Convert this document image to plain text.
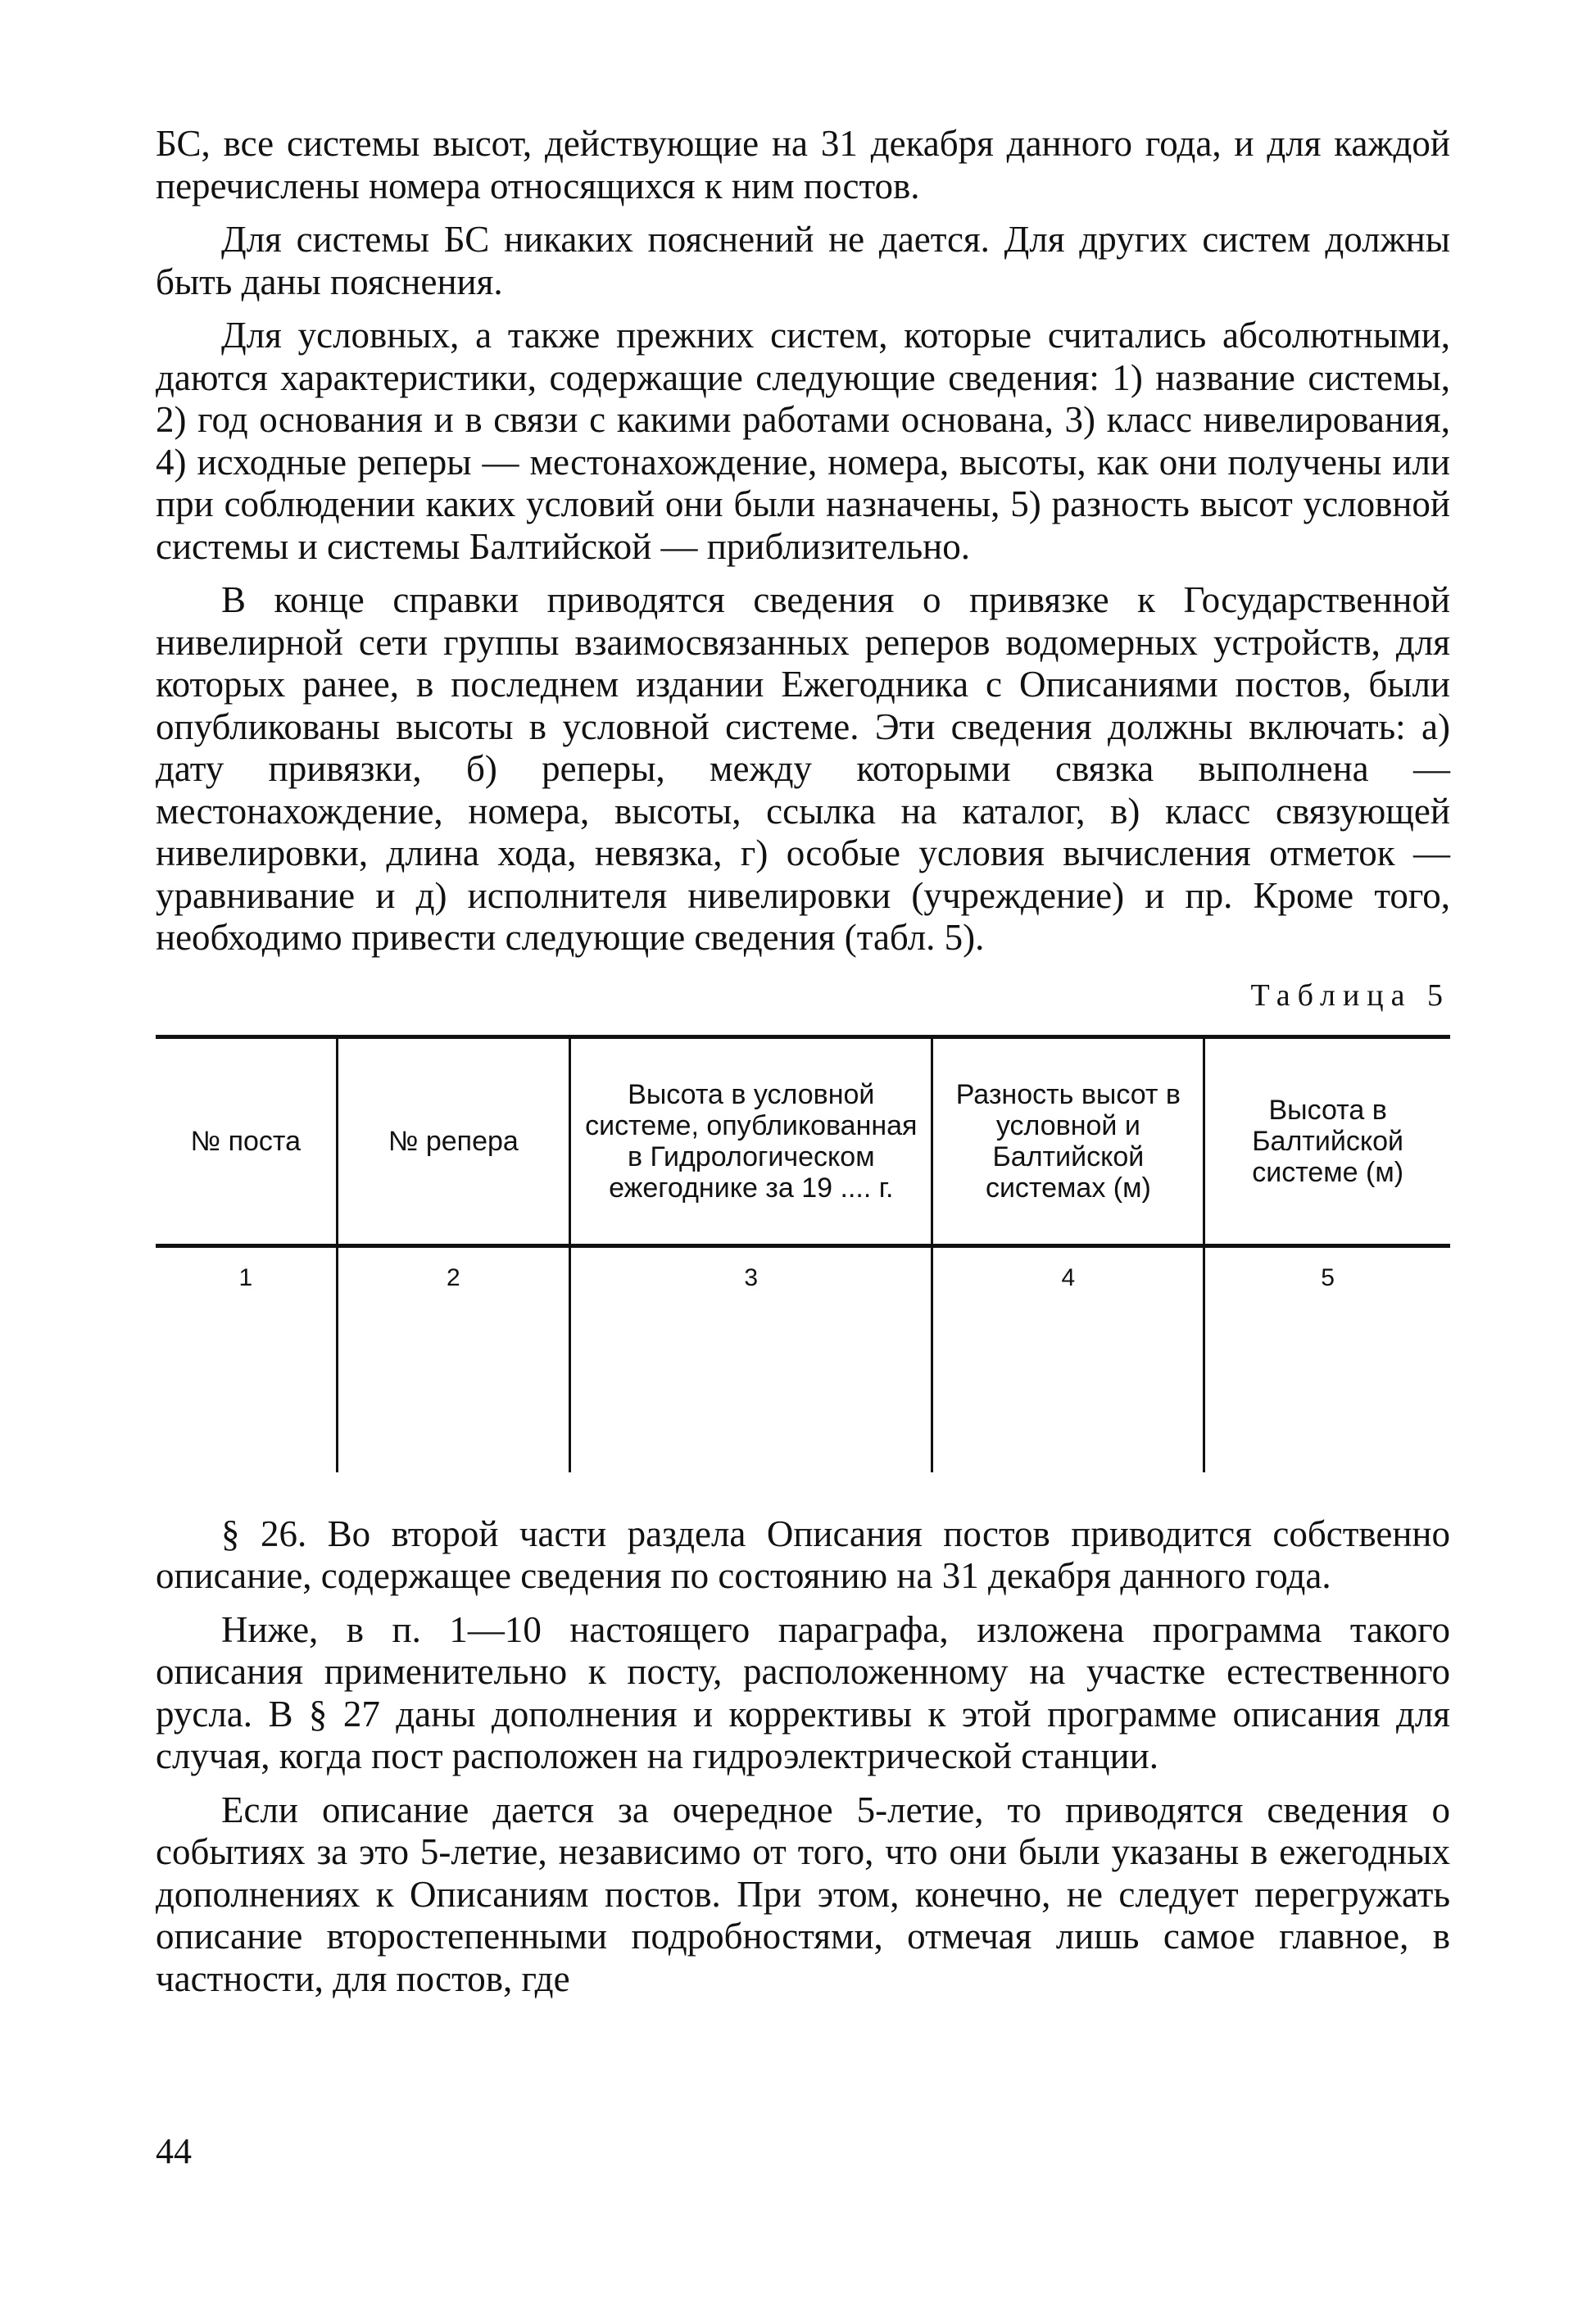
БС, все системы высот, действующие на 31 декабря данного года, и для каждой перечислены номера относящихся к ним постов.

Для системы БС никаких пояснений не дается. Для других систем должны быть даны пояснения.

Для условных, а также прежних систем, которые считались абсолютными, даются характеристики, содержащие следующие сведения: 1) название системы, 2) год основания и в связи с какими работами основана, 3) класс нивелирования, 4) исходные реперы — местонахождение, номера, высоты, как они получены или при соблюдении каких условий они были назначены, 5) разность высот условной системы и системы Балтийской — приблизительно.

В конце справки приводятся сведения о привязке к Государственной нивелирной сети группы взаимосвязанных реперов водомерных устройств, для которых ранее, в последнем издании Ежегодника с Описаниями постов, были опубликованы высоты в условной системе. Эти сведения должны включать: а) дату привязки, б) реперы, между которыми связка выполнена — местонахождение, номера, высоты, ссылка на каталог, в) класс связующей нивелировки, длина хода, невязка, г) особые условия вычисления отметок — уравнивание и д) исполнителя нивелировки (учреждение) и пр. Кроме того, необходимо привести следующие сведения (табл. 5).

Таблица 5
№ поста	№ репера	Высота в условной системе, опубликованная в Гидрологическом ежегоднике за 19 .... г.	Разность высот в условной и Балтийской системах (м)	Высота в Балтийской системе (м)
1	2	3	4	5

§ 26. Во второй части раздела Описания постов приводится собственно описание, содержащее сведения по состоянию на 31 декабря данного года.

Ниже, в п. 1—10 настоящего параграфа, изложена программа такого описания применительно к посту, расположенному на участке естественного русла. В § 27 даны дополнения и коррективы к этой программе описания для случая, когда пост расположен на гидроэлектрической станции.

Если описание дается за очередное 5-летие, то приводятся сведения о событиях за это 5-летие, независимо от того, что они были указаны в ежегодных дополнениях к Описаниям постов. При этом, конечно, не следует перегружать описание второстепенными подробностями, отмечая лишь самое главное, в частности, для постов, где

44
